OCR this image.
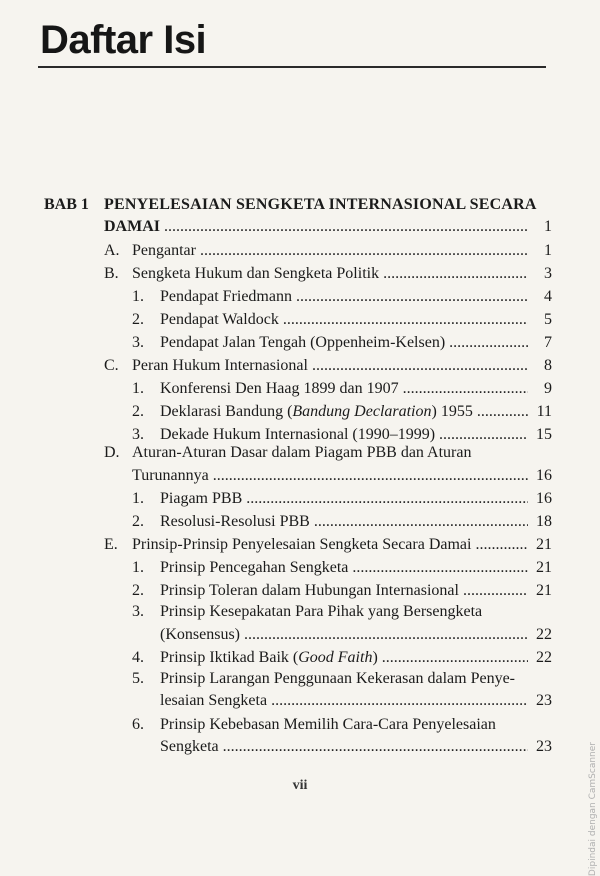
Daftar Isi
BAB 1 PENYELESAIAN SENGKETA INTERNASIONAL SECARA
DAMAI . . .	1
A. Pengantar . . .	1
B. Sengketa Hukum dan Sengketa Politik . . .	3
1.	Pendapat Friedmann . . .	4
2.	Pendapat Waldock . . .	5
3.	Pendapat Jalan Tengah (Oppenheim-Kelsen) . . .	7
C. Peran Hukum Internasional . . .	8
1.	Konferensi Den Haag 1899 dan 1907 . . .	9
2.	Deklarasi Bandung (Bandung Declaration) 1955 . . .	11
3.	Dekade Hukum Internasional (1990–1999) . . .	15
D. Aturan-Aturan Dasar dalam Piagam PBB dan Aturan
Turunannya . . .	16
1.	Piagam PBB . . .	16
2.	Resolusi-Resolusi PBB . . .	18
E. Prinsip-Prinsip Penyelesaian Sengketa Secara Damai . . .	21
1.	Prinsip Pencegahan Sengketa . . .	21
2.	Prinsip Toleran dalam Hubungan Internasional . . .	21
3. Prinsip Kesepakatan Para Pihak yang Bersengketa
(Konsensus) . . .	22
4.	Prinsip Iktikad Baik (Good Faith) . . .	22
5. Prinsip Larangan Penggunaan Kekerasan dalam Penye-
lesaian Sengketa . . .	23
6. Prinsip Kebebasan Memilih Cara-Cara Penyelesaian
Sengketa . . .	23
vii	Dipindai dengan CamScanner
